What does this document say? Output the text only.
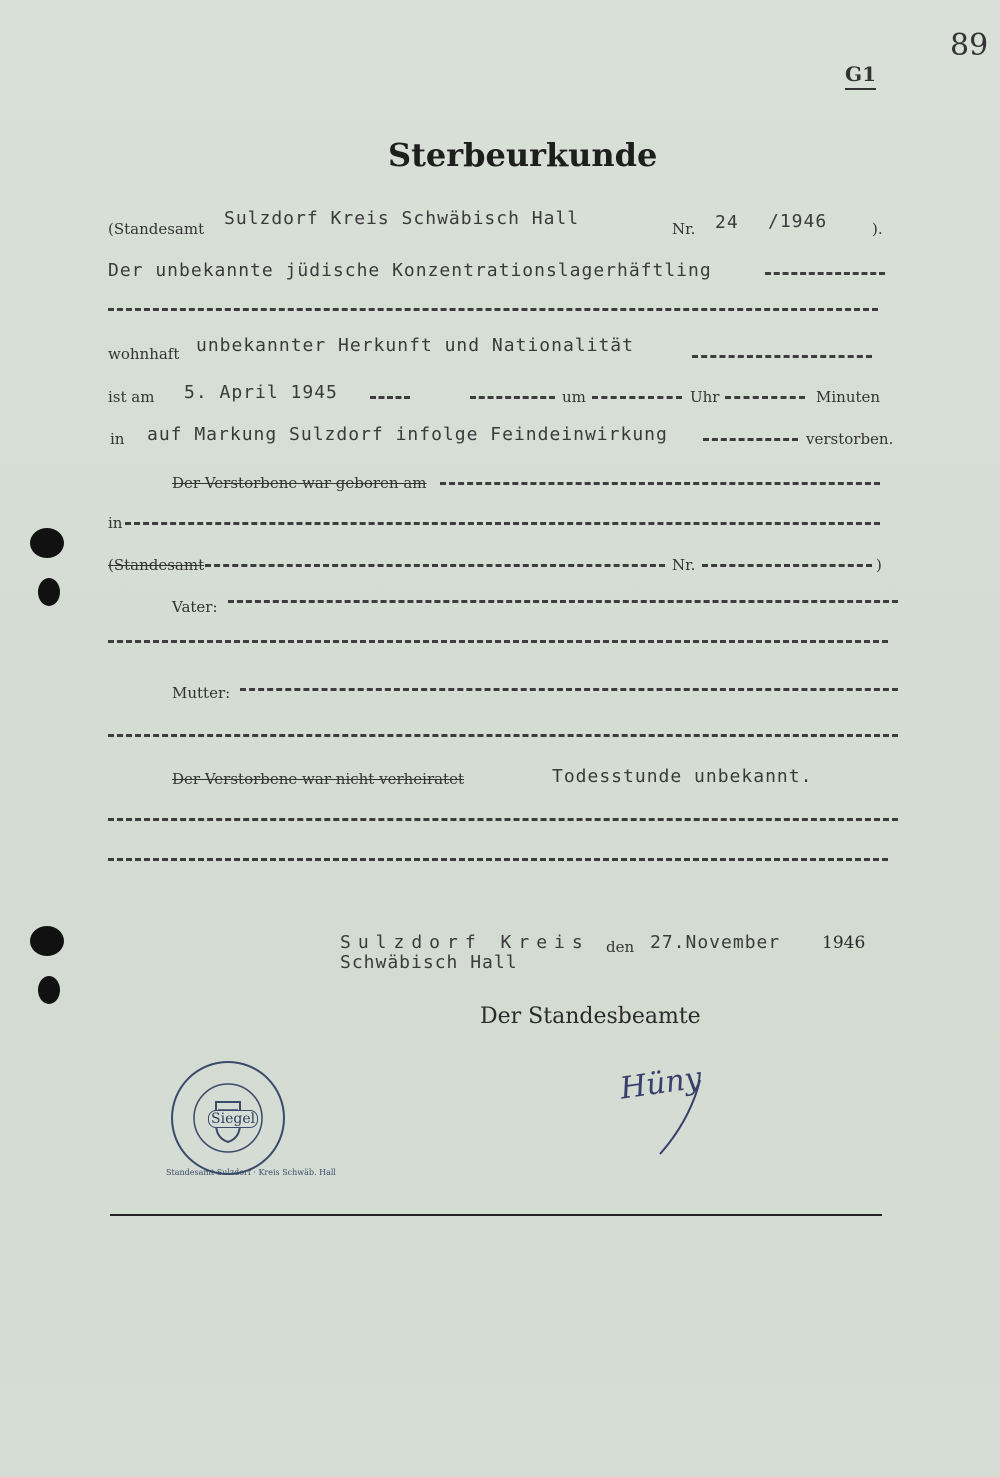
89
G1
Sterbeurkunde
(Standesamt Sulzdorf Kreis Schwäbisch Hall	Nr. 24 /1946	).
Der unbekannte jüdische Konzentrationslagerhäftling
wohnhaft unbekannter Herkunft und Nationalität
ist am 5. April 1945	um	Uhr	Minuten
in auf Markung Sulzdorf infolge Feindeinwirkung	verstorben.
Der Verstorbene war geboren am
in
(Standesamt	Nr.	)
Vater:
Mutter:
Der Verstorbene war nicht verheiratet	Todesstunde unbekannt.
Sulzdorf Kreis den 27.November 1946
Schwäbisch Hall
Der Standesbeamte
Standesamt Sulzdorf · Kreis Schwäb. Hall
Siegel
Hüny
